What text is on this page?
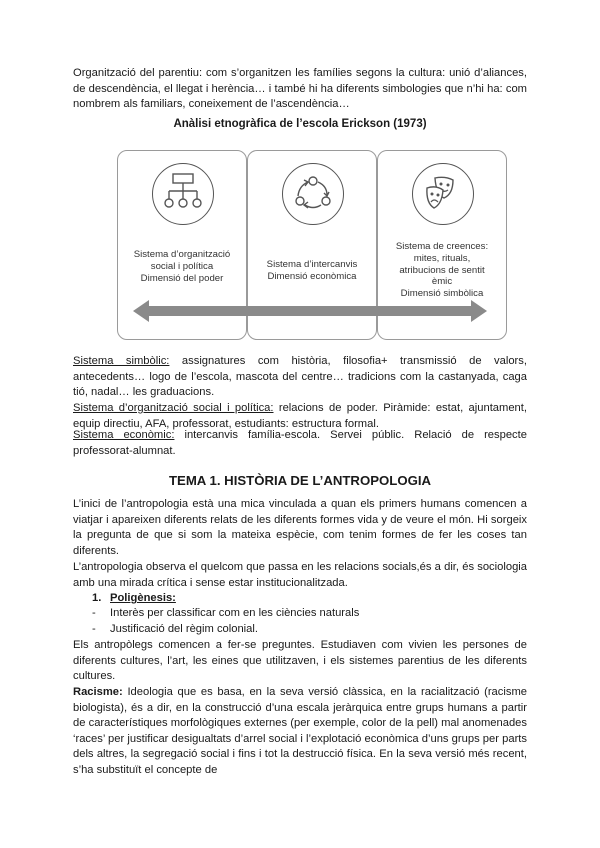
Organització del parentiu: com s’organitzen les famílies segons la cultura: unió d’aliances, de descendència, el llegat i herència… i també hi ha diferents simbologies que n’hi ha: com nombrem als familiars, coneixement de l’ascendència…

Anàlisi etnogràfica de l’escola Erickson (1973)
Sistema d’organització
social i política
Dimensió del poder
Sistema d’intercanvis
Dimensió econòmica
Sistema de creences:
mites, rituals,
atribucions de sentit
èmic
Dimensió simbòlica

Sistema simbòlic: assignatures com història, filosofia+ transmissió de valors, antecedents… logo de l’escola, mascota del centre… tradicions com la castanyada, caga tió, nadal… les graduacions.

Sistema d’organització social i política: relacions de poder. Piràmide: estat, ajuntament, equip directiu, AFA, professorat, estudiants: estructura formal.

Sistema econòmic: intercanvis família-escola. Servei públic. Relació de respecte professorat-alumnat.

TEMA 1. HISTÒRIA DE L’ANTROPOLOGIA

L’inici de l’antropologia està una mica vinculada a quan els primers humans comencen a viatjar i apareixen diferents relats de les diferents formes vida y de veure el món. Hi sorgeix la pregunta de que si som la mateixa espècie, com tenim formes de fer les coses tan diferents.

L’antropologia observa el quelcom que passa en les relacions socials,és a dir, és sociologia amb una mirada crítica i sense estar institucionalitzada.

1. Poligènesis:
- Interès per classificar com en les ciències naturals
- Justificació del règim colonial.

Els antropòlegs comencen a fer-se preguntes. Estudiaven com vivien les persones de diferents cultures, l’art, les eines que utilitzaven, i els sistemes parentius de les diferents cultures.

Racisme: Ideologia que es basa, en la seva versió clàssica, en la racialització (racisme biologista), és a dir, en la construcció d’una escala jeràrquica entre grups humans a partir de característiques morfològiques externes (per exemple, color de la pell) mal anomenades ‘races’ per justificar desigualtats d’arrel social i l’explotació econòmica d’uns grups per parts dels altres, la segregació social i fins i tot la destrucció física. En la seva versió més recent, s’ha substituït el concepte de
